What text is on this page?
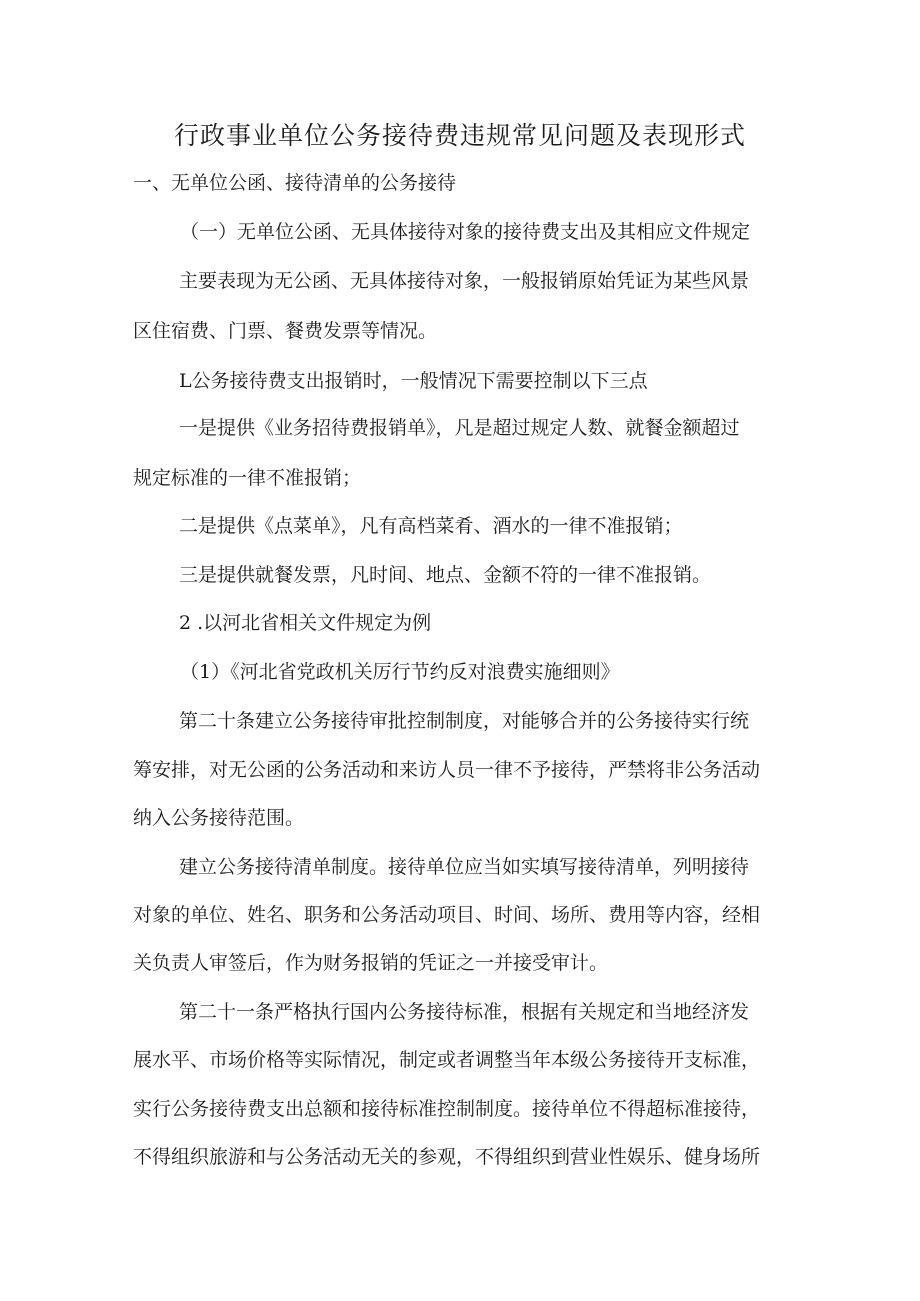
行政事业单位公务接待费违规常见问题及表现形式
一、无单位公函、接待清单的公务接待
（一）无单位公函、无具体接待对象的接待费支出及其相应文件规定
主要表现为无公函、无具体接待对象，一般报销原始凭证为某些风景
区住宿费、门票、餐费发票等情况。
L公务接待费支出报销时，一般情况下需要控制以下三点
一是提供《业务招待费报销单》，凡是超过规定人数、就餐金额超过
规定标准的一律不准报销；
二是提供《点菜单》，凡有高档菜肴、酒水的一律不准报销；
三是提供就餐发票，凡时间、地点、金额不符的一律不准报销。
2 .以河北省相关文件规定为例
（1）《河北省党政机关厉行节约反对浪费实施细则》
第二十条建立公务接待审批控制制度，对能够合并的公务接待实行统
筹安排，对无公函的公务活动和来访人员一律不予接待，严禁将非公务活动
纳入公务接待范围。
建立公务接待清单制度。接待单位应当如实填写接待清单，列明接待
对象的单位、姓名、职务和公务活动项目、时间、场所、费用等内容，经相
关负责人审签后，作为财务报销的凭证之一并接受审计。
第二十一条严格执行国内公务接待标准，根据有关规定和当地经济发
展水平、市场价格等实际情况，制定或者调整当年本级公务接待开支标准，
实行公务接待费支出总额和接待标准控制制度。接待单位不得超标准接待，
不得组织旅游和与公务活动无关的参观，不得组织到营业性娱乐、健身场所
